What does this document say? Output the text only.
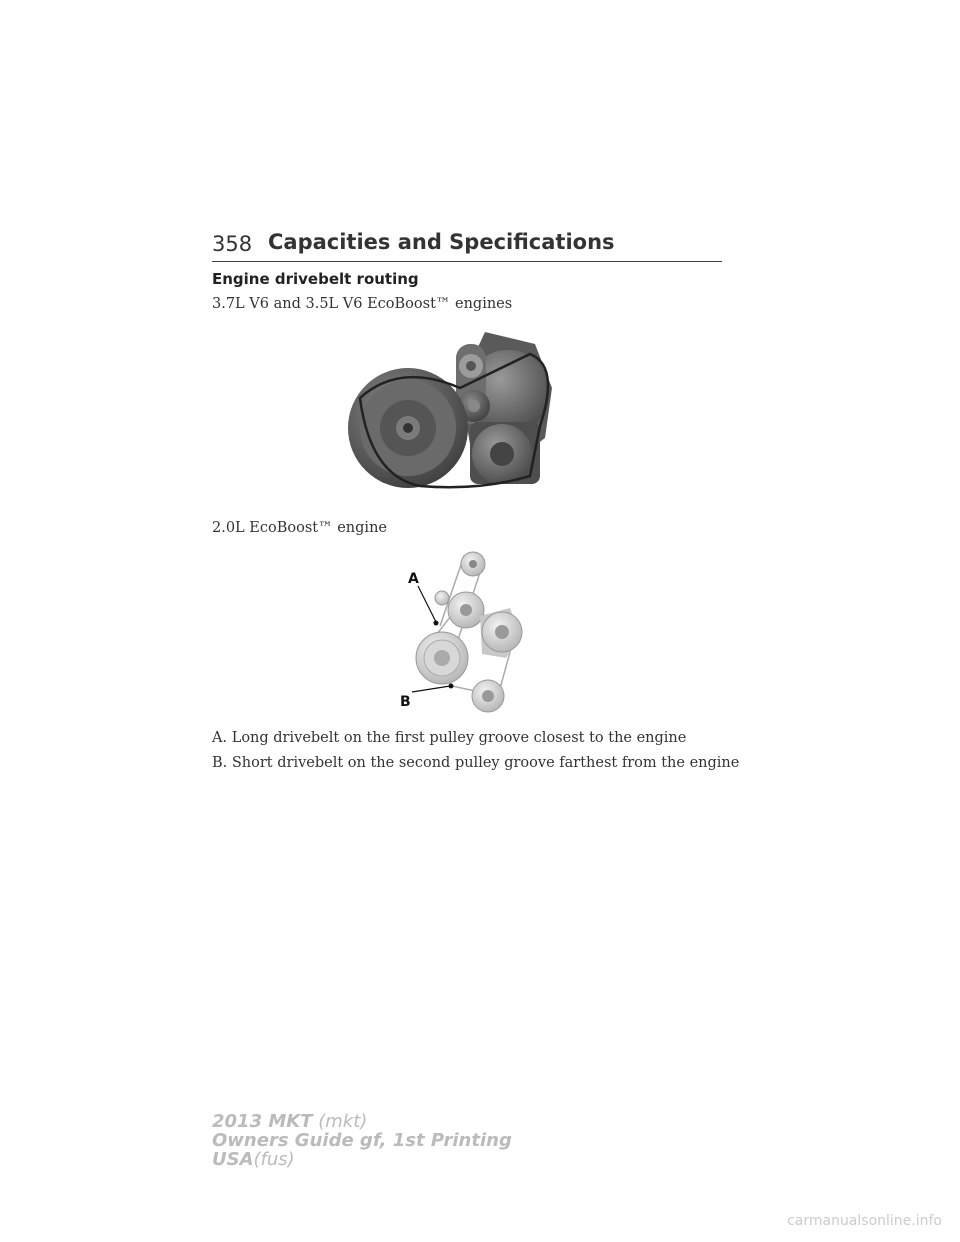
358 Capacities and Specifications
Engine drivebelt routing
3.7L V6 and 3.5L V6 EcoBoost™ engines
2.0L EcoBoost™ engine
A
B
A. Long drivebelt on the first pulley groove closest to the engine
B. Short drivebelt on the second pulley groove farthest from the engine
2013 MKT (mkt)
Owners Guide gf, 1st Printing
USA(fus)
carmanualsonline.info
